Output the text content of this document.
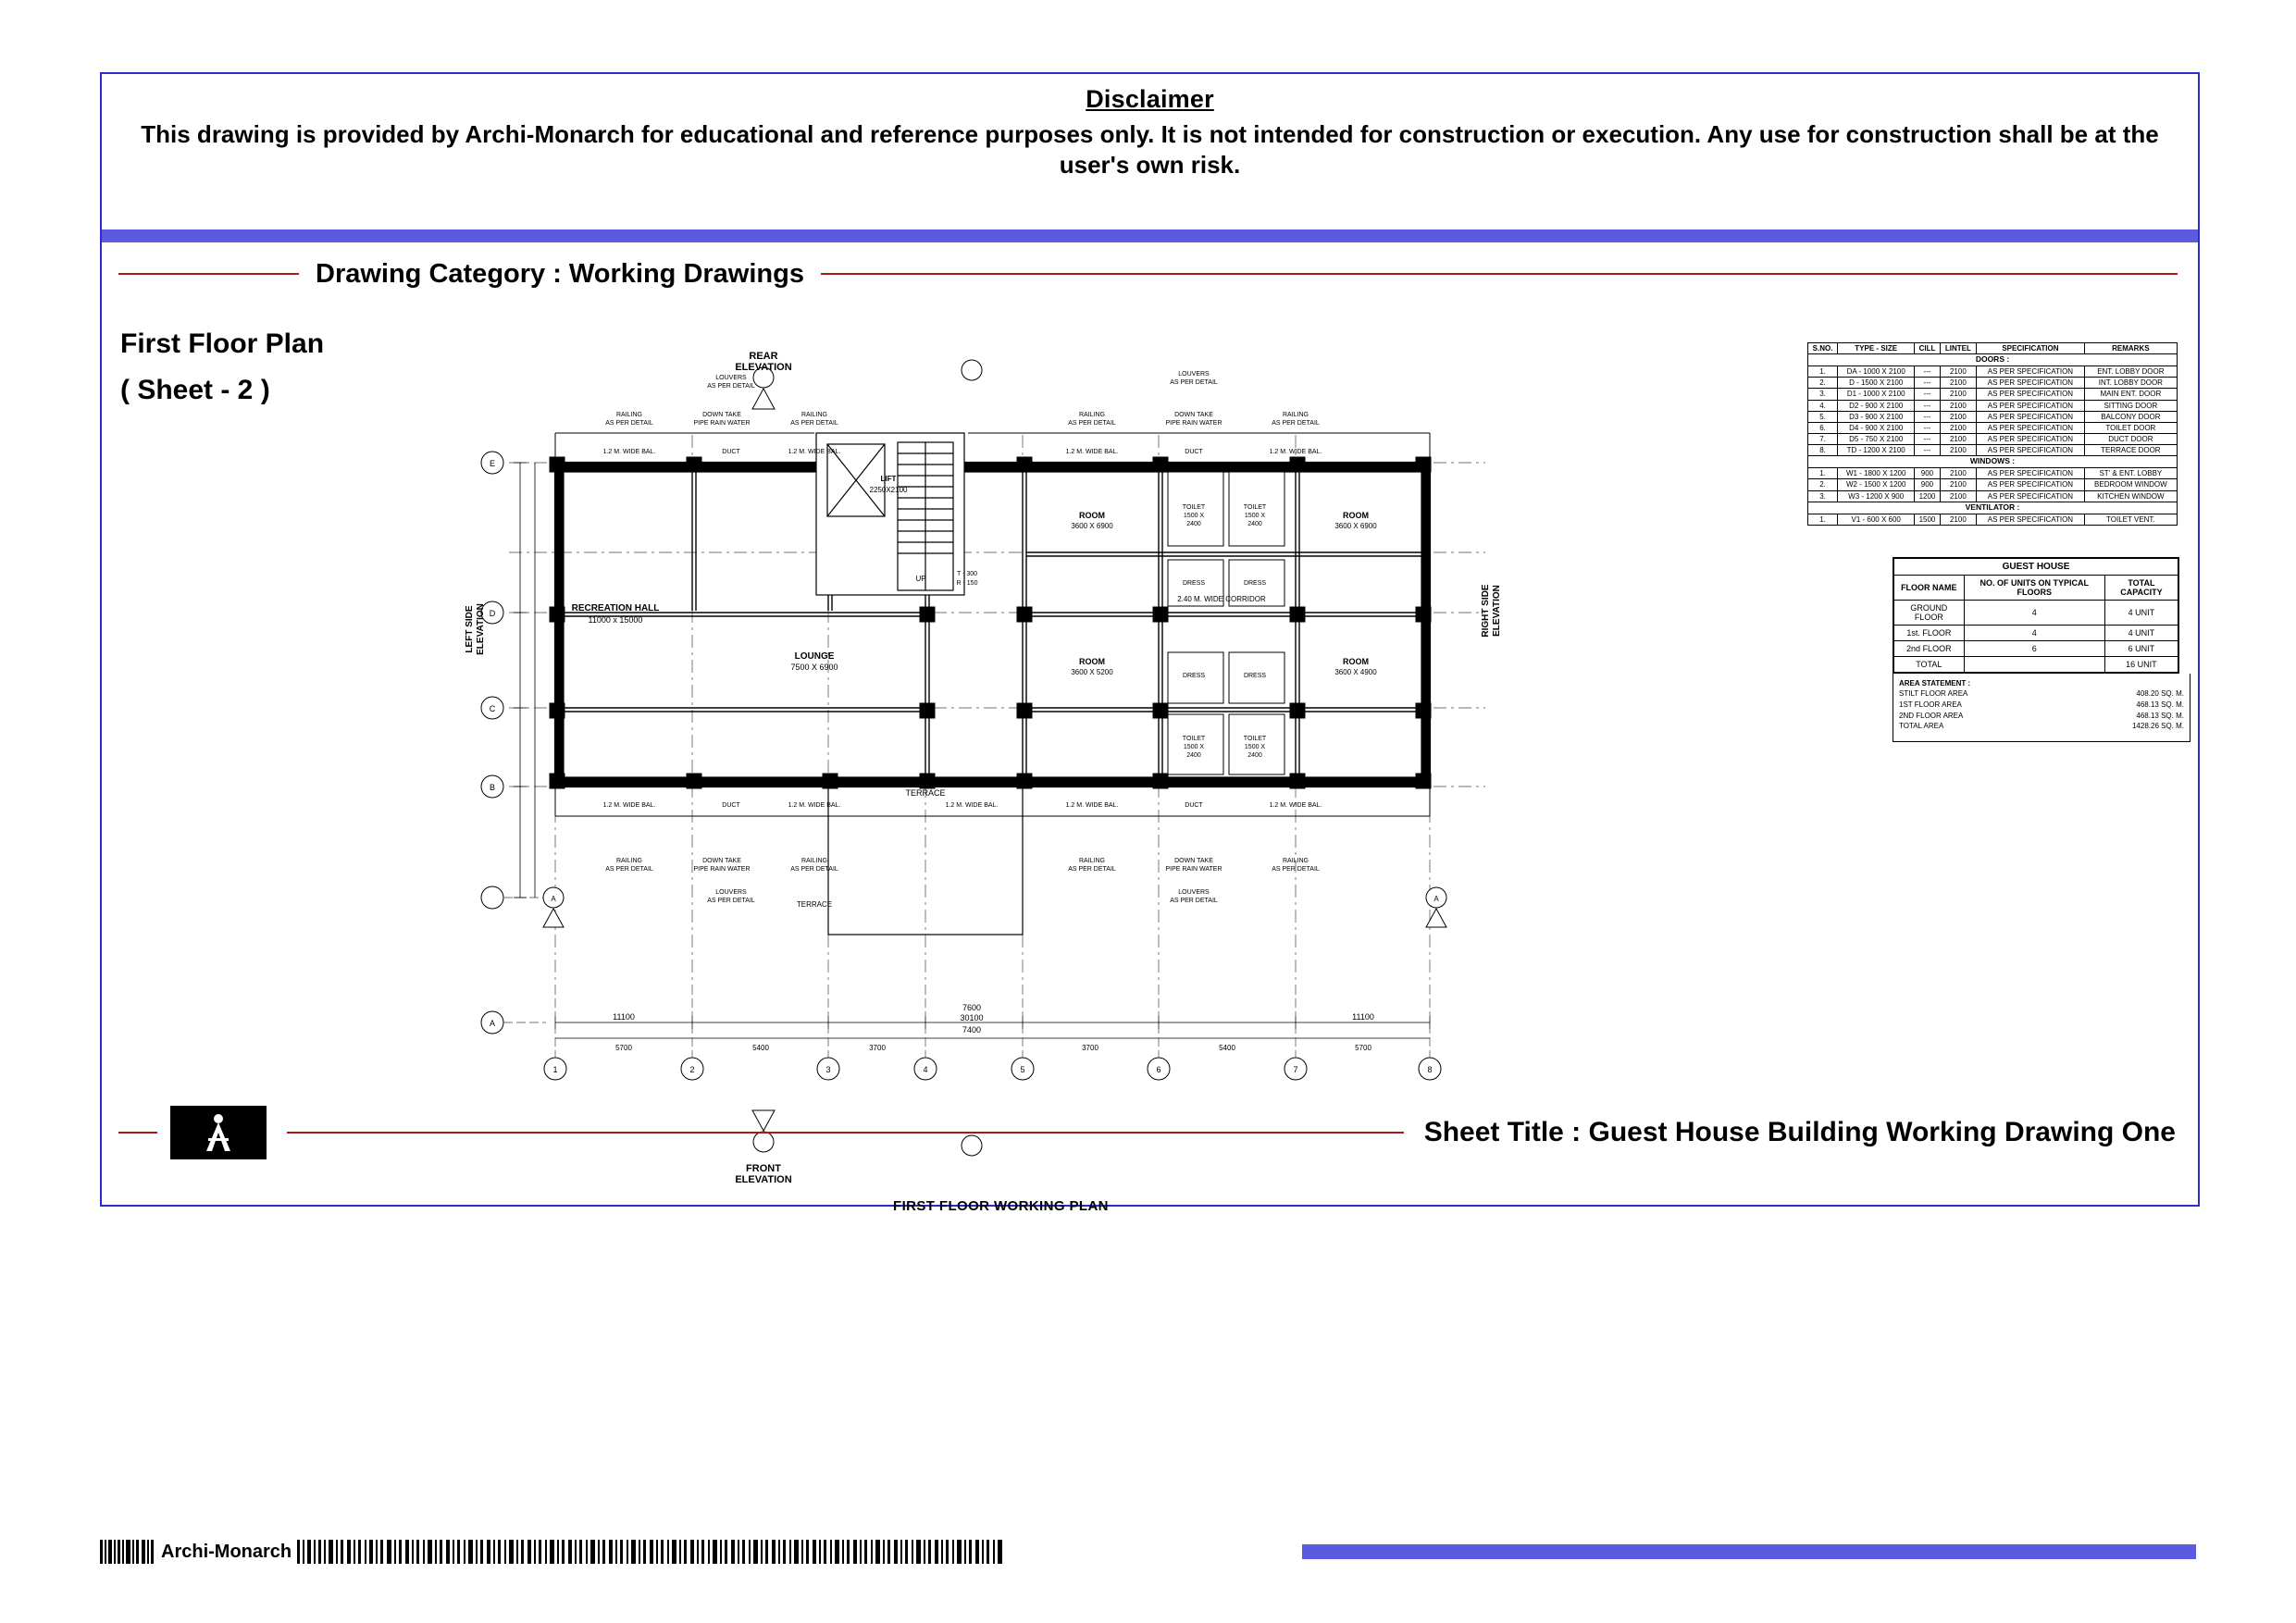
Disclaimer
This drawing is provided by Archi-Monarch for educational and reference purposes only. It is not intended for construction or execution. Any use for construction shall be at the user's own risk.
Drawing Category : Working Drawings
First Floor Plan
( Sheet - 2 )
REAR
ELEVATION
FRONT
ELEVATION
RECREATION HALL
11000 x 15000
LOUNGE
7500 X 6900
ROOM
3600 X 6900
ROOM
3600 X 6900
ROOM
3600 X 5200
ROOM
3600 X 4900
2.40 M. WIDE CORRIDOR
LIFT
2250X2100
UP
T - 300
R - 150
TERRACE
TOILET
1500 X
2400
TOILET
1500 X
2400
DRESS	DRESS
DRESS	DRESS
TOILET
1500 X
2400
TOILET
1500 X
2400
RAILING
AS PER DETAIL
DOWN TAKE
PIPE RAIN WATER
RAILING
AS PER DETAIL
RAILING
AS PER DETAIL
DOWN TAKE
PIPE RAIN WATER
RAILING
AS PER DETAIL
LOUVERS
AS PER DETAIL
LOUVERS
AS PER DETAIL
RAILING
AS PER DETAIL
DOWN TAKE
PIPE RAIN WATER
RAILING
AS PER DETAIL
RAILING
AS PER DETAIL
DOWN TAKE
PIPE RAIN WATER
RAILING
AS PER DETAIL
LOUVERS
AS PER DETAIL
LOUVERS
AS PER DETAIL
TERRACE
1.2 M. WIDE BAL.	DUCT	1.2 M. WIDE BAL.	1.2 M. WIDE BAL.	DUCT	1.2 M. WIDE BAL.
1.2 M. WIDE BAL.	DUCT	1.2 M. WIDE BAL.	1.2 M. WIDE BAL.	1.2 M. WIDE BAL.	DUCT	1.2 M. WIDE BAL.
11100
7600
30100
7400
11100
5700	5400	3700	3700	5400	5700
1	2	3	4	5	6	7	8
E
D
C
B
A
A	A
LEFT SIDE ELEVATION	RIGHT SIDE ELEVATION
FIRST FLOOR WORKING PLAN
S.NO.	TYPE - SIZE	CILL	LINTEL	SPECIFICATION	REMARKS
DOORS :					
1.	DA - 1000 X 2100	---	2100	AS PER SPECIFICATION	ENT. LOBBY DOOR
2.	D - 1500 X 2100	---	2100	AS PER SPECIFICATION	INT. LOBBY DOOR
3.	D1 - 1000 X 2100	---	2100	AS PER SPECIFICATION	MAIN ENT. DOOR
4.	D2 - 900 X 2100	---	2100	AS PER SPECIFICATION	SITTING DOOR
5.	D3 - 900 X 2100	---	2100	AS PER SPECIFICATION	BALCONY DOOR
6.	D4 - 900 X 2100	---	2100	AS PER SPECIFICATION	TOILET DOOR
7.	D5 - 750 X 2100	---	2100	AS PER SPECIFICATION	DUCT DOOR
8.	TD - 1200 X 2100	---	2100	AS PER SPECIFICATION	TERRACE DOOR
WINDOWS :					
1.	W1 - 1800 X 1200	900	2100	AS PER SPECIFICATION	ST' & ENT. LOBBY
2.	W2 - 1500 X 1200	900	2100	AS PER SPECIFICATION	BEDROOM WINDOW
3.	W3 - 1200 X 900	1200	2100	AS PER SPECIFICATION	KITCHEN WINDOW
VENTILATOR :					
1.	V1 - 600 X 600	1500	2100	AS PER SPECIFICATION	TOILET VENT.
GUEST HOUSE		
FLOOR NAME	NO. OF UNITS ON TYPICAL FLOORS	TOTAL CAPACITY
GROUND FLOOR	4	4 UNIT
1st. FLOOR	4	4 UNIT
2nd FLOOR	6	6 UNIT
TOTAL		16 UNIT
AREA STATEMENT :
STILT FLOOR AREA	408.20 SQ. M.
1ST FLOOR AREA	468.13 SQ. M.
2ND FLOOR AREA	468.13 SQ. M.
TOTAL AREA	1428.26 SQ. M.
Sheet Title : Guest House Building Working Drawing One
Archi-Monarch
